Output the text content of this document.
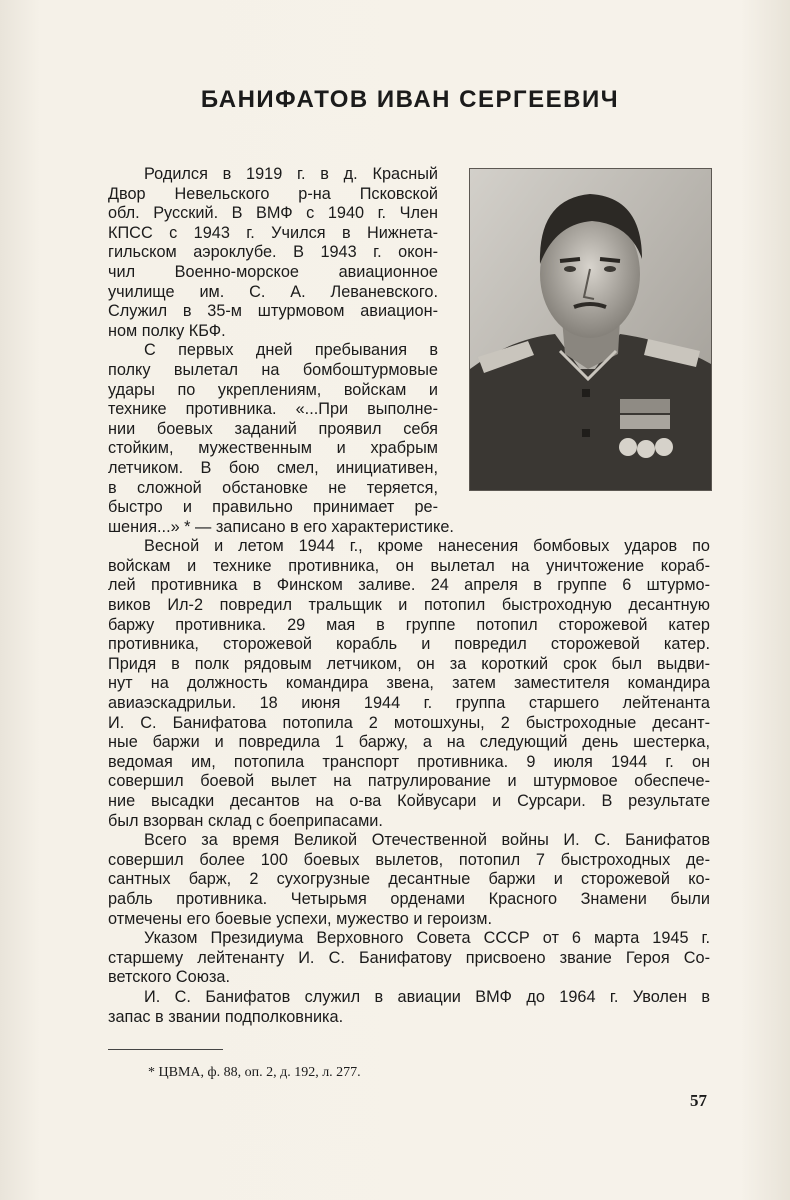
БАНИФАТОВ ИВАН СЕРГЕЕВИЧ
Родился в 1919 г. в д. Красный
Двор Невельского р-на Псковской
обл. Русский. В ВМФ с 1940 г. Член
КПСС с 1943 г. Учился в Нижнета-
гильском аэроклубе. В 1943 г. окон-
чил Военно-морское авиационное
училище им. С. А. Леваневского.
Служил в 35-м штурмовом авиацион-
ном полку КБФ.
С первых дней пребывания в
полку вылетал на бомбоштурмовые
удары по укреплениям, войскам и
технике противника. «...При выполне-
нии боевых заданий проявил себя
стойким, мужественным и храбрым
летчиком. В бою смел, инициативен,
в сложной обстановке не теряется,
быстро и правильно принимает ре-
шения...» * — записано в его характеристике.
Весной и летом 1944 г., кроме нанесения бомбовых ударов по
войскам и технике противника, он вылетал на уничтожение кораб-
лей противника в Финском заливе. 24 апреля в группе 6 штурмо-
виков Ил-2 повредил тральщик и потопил быстроходную десантную
баржу противника. 29 мая в группе потопил сторожевой катер
противника, сторожевой корабль и повредил сторожевой катер.
Придя в полк рядовым летчиком, он за короткий срок был выдви-
нут на должность командира звена, затем заместителя командира
авиаэскадрильи. 18 июня 1944 г. группа старшего лейтенанта
И. С. Банифатова потопила 2 мотошхуны, 2 быстроходные десант-
ные баржи и повредила 1 баржу, а на следующий день шестерка,
ведомая им, потопила транспорт противника. 9 июля 1944 г. он
совершил боевой вылет на патрулирование и штурмовое обеспече-
ние высадки десантов на о-ва Койвусари и Сурсари. В результате
был взорван склад с боеприпасами.
Всего за время Великой Отечественной войны И. С. Банифатов
совершил более 100 боевых вылетов, потопил 7 быстроходных де-
сантных барж, 2 сухогрузные десантные баржи и сторожевой ко-
рабль противника. Четырьмя орденами Красного Знамени были
отмечены его боевые успехи, мужество и героизм.
Указом Президиума Верховного Совета СССР от 6 марта 1945 г.
старшему лейтенанту И. С. Банифатову присвоено звание Героя Со-
ветского Союза.
И. С. Банифатов служил в авиации ВМФ до 1964 г. Уволен в
запас в звании подполковника.
* ЦВМА, ф. 88, оп. 2, д. 192, л. 277.
57
